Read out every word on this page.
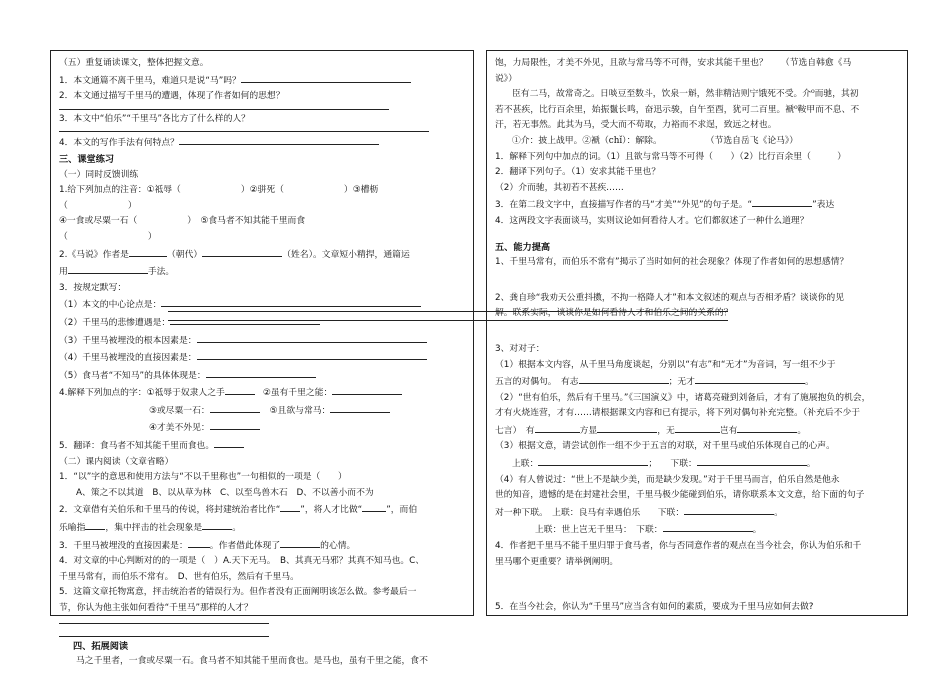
（五）重复诵读课文，整体把握文意。
1．本文通篇不离千里马，难道只是说“马”吗？
2．本文通过描写千里马的遭遇，体现了作者如何的思想？
3．本文中“伯乐”“千里马”各比方了什么样的人？
4．本文的写作手法有何特点？
三、课堂练习
（一）同时反馈训练
1.给下列加点的注音：①祗辱（	）②骈死（	）③槽枥
（	）
④一食或尽粟一石（	）　⑤食马者不知其能千里而食
（	）
2.《马说》作者是	（朝代）	（姓名）。文章短小精捍，通篇运
用	手法。
3．按规定默写：
（1）本文的中心论点是：
（2）千里马的悲惨遭遇是：
（3）千里马被埋没的根本因素是：
（4）千里马被埋没的直接因素是：
（5）食马者“不知马”的具体体现是：
4.解释下列加点的字：①祗辱于奴隶人之手	②虽有千里之能：
③或尽粟一石：	⑤且欲与常马：
④才美不外见：
5．翻译：食马者不知其能千里而食也。
（二）课内阅读（文章省略）
1．“以”字的意思和使用方法与“不以千里称也”一句相似的一项是（　　）
A、策之不以其道　B、以从草为林　C、以至鸟兽木石　D、不以善小而不为
2．文章借有关伯乐和千里马的传说，将封建统治者比作“ ”，将人才比做“	”，而伯
乐喻指 ，集中抨击的社会现象是	。
3．千里马被埋没的直接因素是：	。作者借此体现了	的心情。
4．对文章的中心判断对的的一项是（　）A.天下无马。　B、其真无马邪？其真不知马也。C、
千里马常有，而伯乐不常有。　D、世有伯乐，然后有千里马。
5．这篇文章托物寓意，抨击统治者的错误行为。但作者没有正面阐明该怎么做。参考最后一
节，你认为他主张如何看待“千里马”那样的人才？
四、拓展阅读
马之千里者，一食或尽粟一石。食马者不知其能千里而食也。是马也，虽有千里之能，食不
饱，力局限性，才美不外见，且欲与常马等不可得，安求其能千里也？　　（节选自韩愈《马
说》）
臣有二马，故常奇之。日啖豆至数斗，饮泉一斛，然非精洁则宁饿死不受。介⁰而驰，其初
若不甚疾，比行百余里，始振鬣长鸣，奋迅示骏，自午至酉，犹可二百里。褫⁰鞍甲而不息、不
汗，若无事然。此其为马，受大而不苟取，力裕而不求逞，致远之材也。
①介：披上战甲。②褫（chǐ）：解除。　　　　　　（节选自岳飞《论马》）
1．解释下列句中加点的词。（1）且欲与常马等不可得（　　）（2）比行百余里（　　　）
2．翻译下列句子。（1）安求其能千里也？
（2）介而驰，其初若不甚疾……
3．在第二段文字中，直接描写作者的马“才美”“外见”的句子是。“	”表达
4．这两段文字表面谈马，实则议论如何看待人才。它们都叙述了一种什么道理？
五、能力提高
1、千里马常有，而伯乐不常有”揭示了当时如何的社会现象？体现了作者如何的思想感情？
2、龚自珍“我劝天公重抖擞，不拘一格降人才”和本文叙述的观点与否相矛盾？谈谈你的见
解。联系实际，谈谈你是如何看待人才和伯乐之间的关系的？
3、对对子：
（1）根据本文内容，从千里马角度谈起，分别以“有志”和“无才”为音词，写一组不少于
五言的对偶句。　有志	；无才	。
（2）“世有伯乐，然后有千里马。”《三国演义》中，诸葛亮碰到刘备后，才有了施展抱负的机会，
才有火烧连营，才有……请根据课文内容和已有提示，将下列对偶句补充完整。（补充后不少于
七言）　有	方显	，无	岂有	。
（3）根据文意，请尝试创作一组不少于五言的对联，对千里马或伯乐体现自己的心声。
上联：	；　　下联：	。
（4）有人曾说过：“世上不是缺少美，而是缺少发现。”对于千里马而言，伯乐自然是他永
世的知音，遗憾的是在封建社会里，千里马极少能碰到伯乐，请你联系本文文意，给下面的句子
对一种下联。　上联：良马有幸遇伯乐　　下联：	。
上联：世上岂无千里马：　下联：	。
4．作者把千里马不能千里归罪于食马者，你与否同意作者的观点在当今社会，你认为伯乐和千
里马哪个更重要？请举例阐明。
5．在当今社会，你认为“千里马”应当含有如何的素质，要成为千里马应如何去做?
